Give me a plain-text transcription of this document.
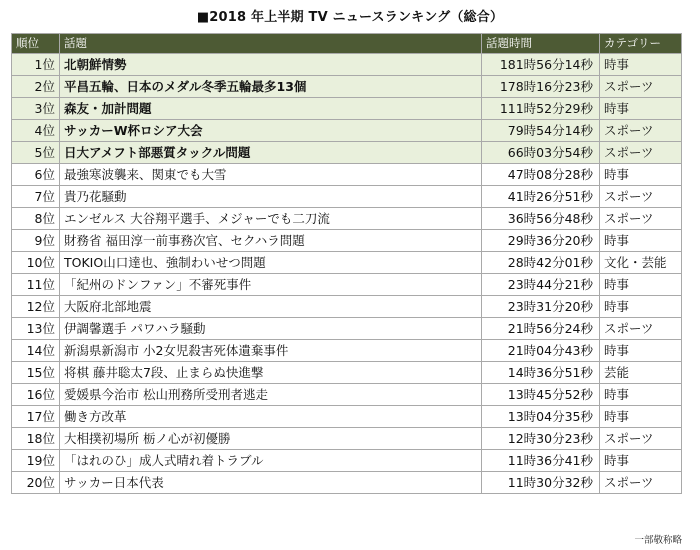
■2018 年上半期 TV ニュースランキング（総合）
順位	話題	話題時間	カテゴリー
1位	北朝鮮情勢	181時56分14秒	時事
2位	平昌五輪、日本のメダル冬季五輪最多13個	178時16分23秒	スポーツ
3位	森友・加計問題	111時52分29秒	時事
4位	サッカーW杯ロシア大会	79時54分14秒	スポーツ
5位	日大アメフト部悪質タックル問題	66時03分54秒	スポーツ
6位	最強寒波襲来、関東でも大雪	47時08分28秒	時事
7位	貴乃花騒動	41時26分51秒	スポーツ
8位	エンゼルス 大谷翔平選手、メジャーでも二刀流	36時56分48秒	スポーツ
9位	財務省 福田淳一前事務次官、セクハラ問題	29時36分20秒	時事
10位	TOKIO山口達也、強制わいせつ問題	28時42分01秒	文化・芸能
11位	「紀州のドンファン」不審死事件	23時44分21秒	時事
12位	大阪府北部地震	23時31分20秒	時事
13位	伊調馨選手 パワハラ騒動	21時56分24秒	スポーツ
14位	新潟県新潟市 小2女児殺害死体遺棄事件	21時04分43秒	時事
15位	将棋 藤井聡太7段、止まらぬ快進撃	14時36分51秒	芸能
16位	愛媛県今治市 松山刑務所受刑者逃走	13時45分52秒	時事
17位	働き方改革	13時04分35秒	時事
18位	大相撲初場所 栃ノ心が初優勝	12時30分23秒	スポーツ
19位	「はれのひ」成人式晴れ着トラブル	11時36分41秒	時事
20位	サッカー日本代表	11時30分32秒	スポーツ
一部敬称略
